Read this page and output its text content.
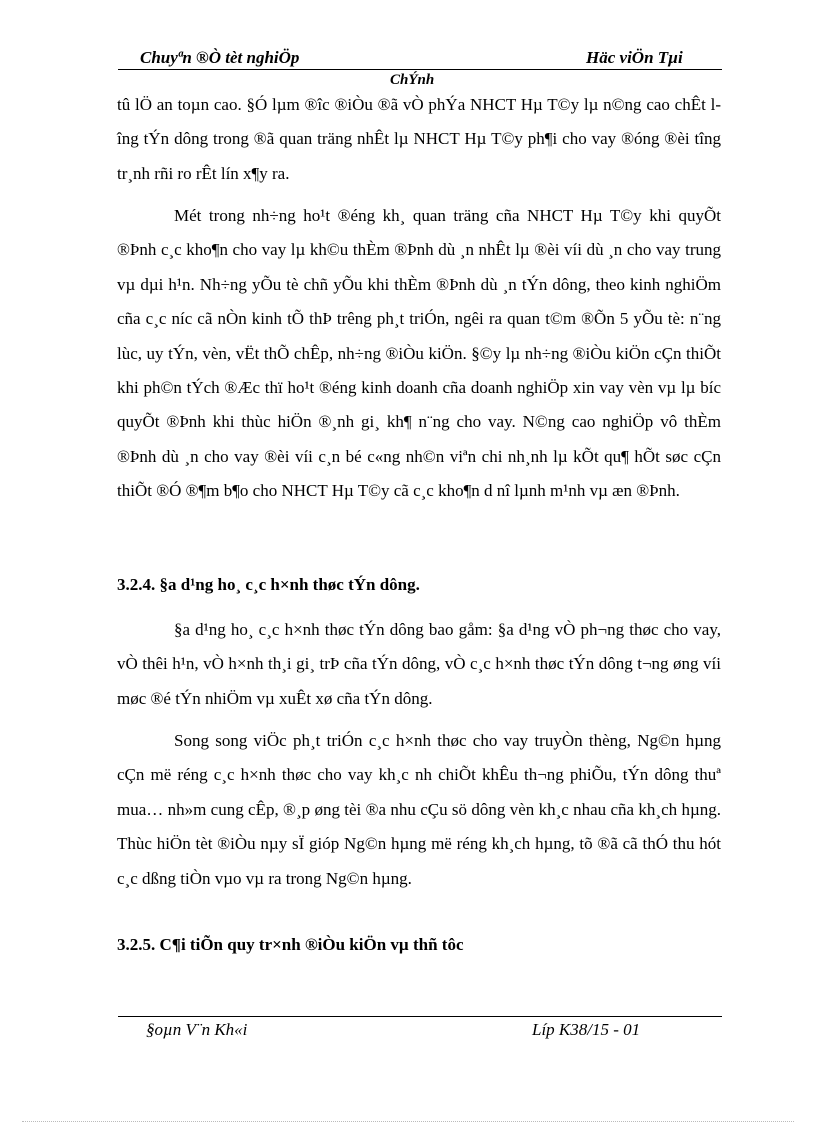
Chuyªn ®Ò tèt nghiÖp	Häc viÖn Tµi
ChÝnh
tû lÖ an toµn cao. §Ó lµm ®îc ®iÒu ®ã vÒ phÝa NHCT Hµ T©y lµ n©ng cao chÊt lîng tÝn dông trong ®ã quan träng nhÊt lµ NHCT Hµ T©y ph¶i cho vay ®óng ®èi tîng tr¸nh rñi ro rÊt lín x¶y ra.
Mét trong nh÷ng ho¹t ®éng kh¸ quan träng cña NHCT Hµ T©y khi quyÕt ®Þnh c¸c kho¶n cho vay lµ kh©u thÈm ®Þnh dù ¸n nhÊt lµ ®èi víi dù ¸n cho vay trung vµ dµi h¹n. Nh÷ng yÕu tè chñ yÕu khi thÈm ®Þnh dù ¸n tÝn dông, theo kinh nghiÖm cña c¸c níc cã nÒn kinh tÕ thÞ trêng ph¸t triÓn, ngêi ra quan t©m ®Õn 5 yÕu tè: n¨ng lùc, uy tÝn, vèn, vËt thÕ chÊp, nh÷ng ®iÒu kiÖn. §©y lµ nh÷ng ®iÒu kiÖn cÇn thiÕt khi ph©n tÝch ®Æc thï ho¹t ®éng kinh doanh cña doanh nghiÖp xin vay vèn vµ lµ bíc quyÕt ®Þnh khi thùc hiÖn ®¸nh gi¸ kh¶ n¨ng cho vay. N©ng cao nghiÖp vô thÈm ®Þnh dù ¸n cho vay ®èi víi c¸n bé c«ng nh©n viªn chi nh¸nh lµ kÕt qu¶ hÕt søc cÇn thiÕt ®Ó ®¶m b¶o cho NHCT Hµ T©y cã c¸c kho¶n d nî lµnh m¹nh vµ æn ®Þnh.
3.2.4. §a d¹ng ho¸ c¸c h×nh thøc tÝn dông.
§a d¹ng ho¸ c¸c h×nh thøc tÝn dông bao gåm: §a d¹ng vÒ ph¬ng thøc cho vay, vÒ thêi h¹n, vÒ h×nh th¸i gi¸ trÞ cña tÝn dông, vÒ c¸c h×nh thøc tÝn dông t¬ng øng víi møc ®é tÝn nhiÖm vµ xuÊt xø cña tÝn dông.
Song song viÖc ph¸t triÓn c¸c h×nh thøc cho vay truyÒn thèng, Ng©n hµng cÇn më réng c¸c h×nh thøc cho vay kh¸c nh chiÕt khÊu th¬ng phiÕu, tÝn dông thuª mua… nh»m cung cÊp, ®¸p øng tèi ®a nhu cÇu sö dông vèn kh¸c nhau cña kh¸ch hµng. Thùc hiÖn tèt ®iÒu nµy sÏ gióp Ng©n hµng më réng kh¸ch hµng, tõ ®ã cã thÓ thu hót c¸c dßng tiÒn vµo vµ ra trong Ng©n hµng.
3.2.5. C¶i tiÕn quy tr×nh ®iÒu kiÖn vµ thñ tôc
§oµn V¨n Kh«i	Líp K38/15 - 01
